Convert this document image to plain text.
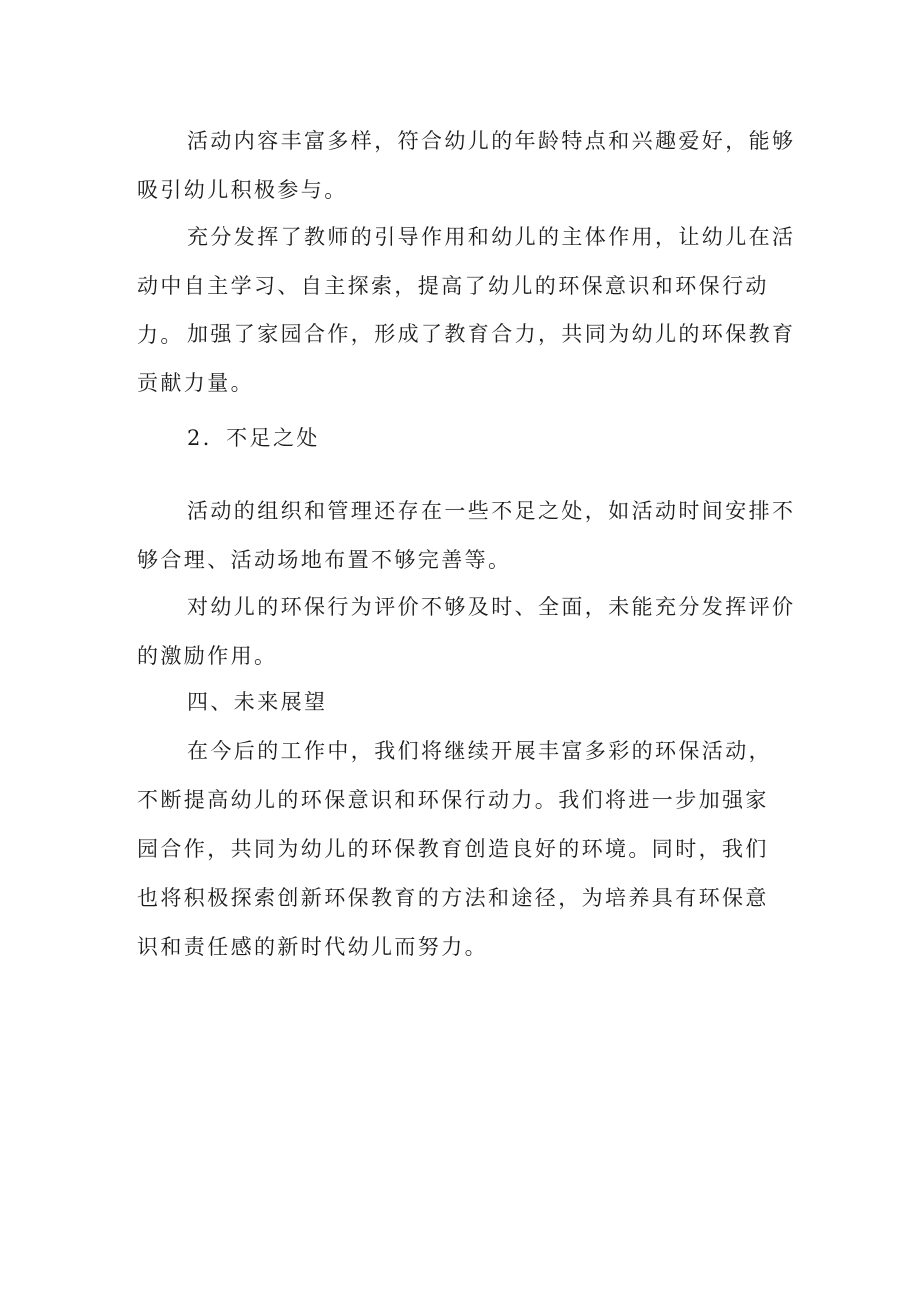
活动内容丰富多样，符合幼儿的年龄特点和兴趣爱好，能够吸引幼儿积极参与。

充分发挥了教师的引导作用和幼儿的主体作用，让幼儿在活动中自主学习、自主探索，提高了幼儿的环保意识和环保行动力。 加强了家园合作，形成了教育合力，共同为幼儿的环保教育贡献力量。

2．不足之处

活动的组织和管理还存在一些不足之处，如活动时间安排不够合理、活动场地布置不够完善等。

对幼儿的环保行为评价不够及时、全面，未能充分发挥评价的激励作用。

四、未来展望

在今后的工作中，我们将继续开展丰富多彩的环保活动，不断提高幼儿的环保意识和环保行动力。我们将进一步加强家园合作，共同为幼儿的环保教育创造良好的环境。同时，我们也将积极探索创新环保教育的方法和途径，为培养具有环保意识和责任感的新时代幼儿而努力。
